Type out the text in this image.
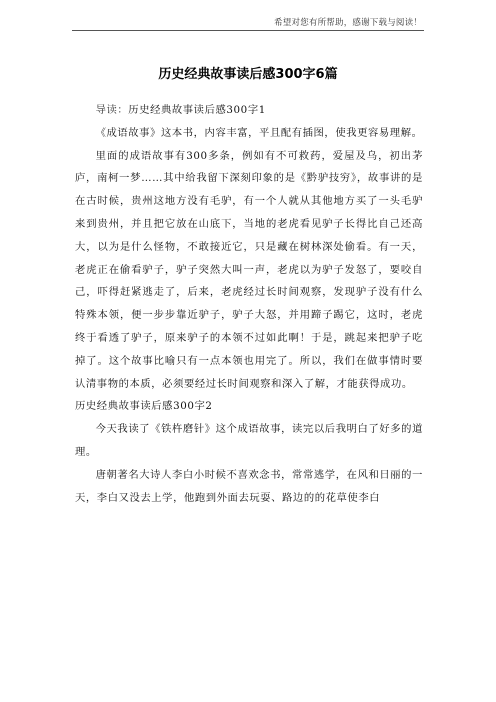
希望对您有所帮助，感谢下载与阅读！
历史经典故事读后感300字6篇

导读：历史经典故事读后感300字1

《成语故事》这本书，内容丰富，平且配有插图，使我更容易理解。

里面的成语故事有300多条，例如有不可救药，爱屋及乌，初出茅庐，南柯一梦……其中给我留下深刻印象的是《黔驴技穷》，故事讲的是在古时候，贵州这地方没有毛驴，有一个人就从其他地方买了一头毛驴来到贵州，并且把它放在山底下，当地的老虎看见驴子长得比自己还高大，以为是什么怪物，不敢接近它，只是藏在树林深处偷看。有一天，老虎正在偷看驴子，驴子突然大叫一声，老虎以为驴子发怒了，要咬自己，吓得赶紧逃走了，后来，老虎经过长时间观察，发现驴子没有什么特殊本领，便一步步靠近驴子，驴子大怒，并用蹄子踢它，这时，老虎终于看透了驴子，原来驴子的本领不过如此啊！于是，跳起来把驴子吃掉了。这个故事比喻只有一点本领也用完了。所以，我们在做事情时要认清事物的本质，必须要经过长时间观察和深入了解，才能获得成功。

历史经典故事读后感300字2

今天我读了《铁杵磨针》这个成语故事，读完以后我明白了好多的道理。

唐朝著名大诗人李白小时候不喜欢念书，常常逃学，在风和日丽的一天，李白又没去上学，他跑到外面去玩耍、路边的的花草使李白
